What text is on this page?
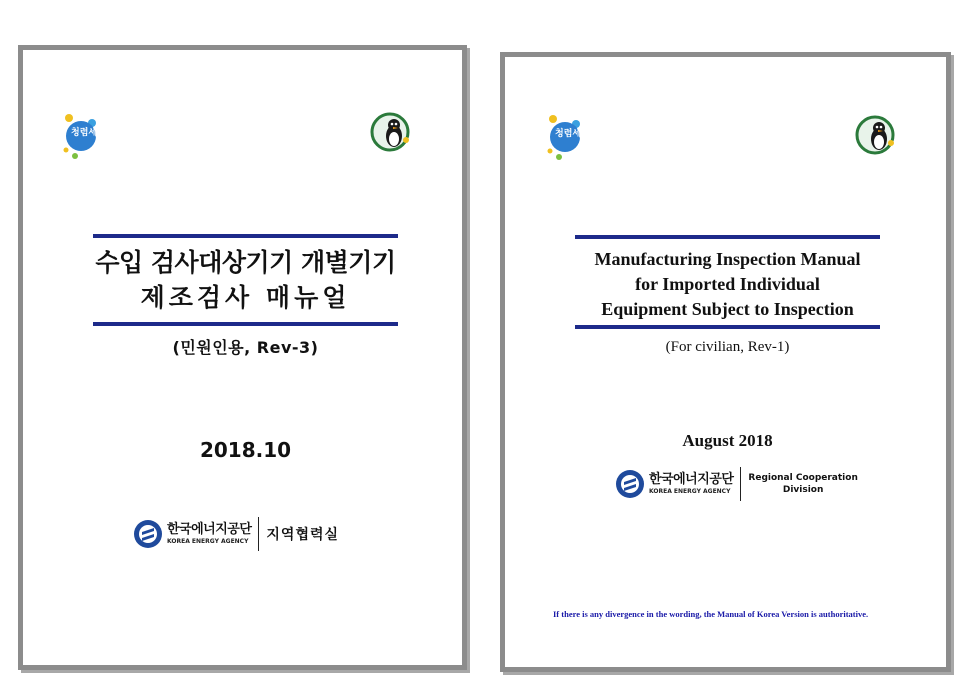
청렴세상
수입 검사대상기기 개별기기
제조검사 매뉴얼
(민원인용, Rev-3)
2018.10
한국에너지공단
KOREA ENERGY AGENCY 지역협력실
청렴세상
Manufacturing Inspection Manual
for Imported Individual
Equipment Subject to Inspection
(For civilian, Rev-1)
August 2018
한국에너지공단
KOREA ENERGY AGENCY
Regional Cooperation
Division
If there is any divergence in the wording, the Manual of Korea Version is authoritative.
